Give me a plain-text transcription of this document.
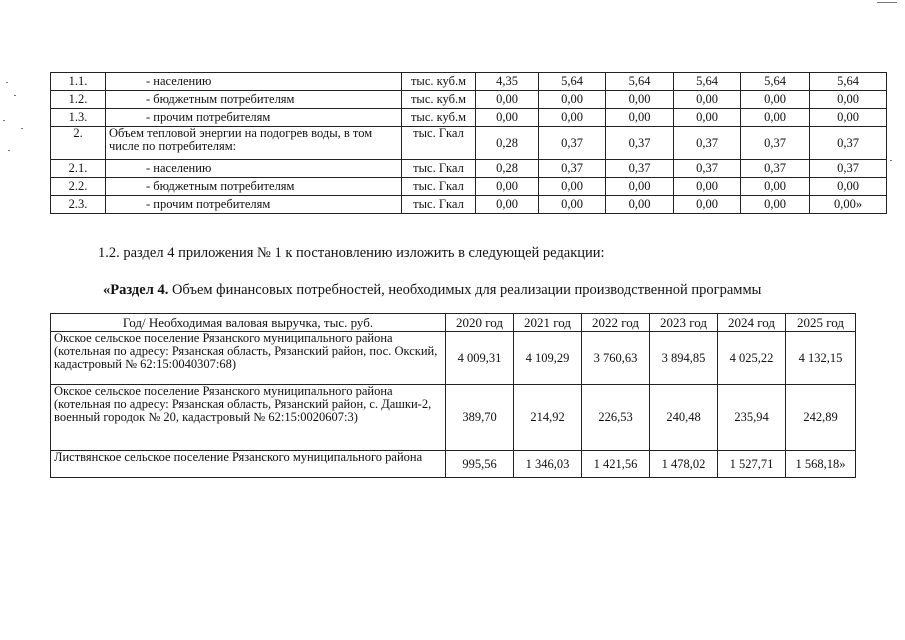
1.1.	- населению	тыс. куб.м	4,35	5,64	5,64	5,64	5,64	5,64
1.2.	- бюджетным потребителям	тыс. куб.м	0,00	0,00	0,00	0,00	0,00	0,00
1.3.	- прочим потребителям	тыс. куб.м	0,00	0,00	0,00	0,00	0,00	0,00
2.	Объем тепловой энергии на подогрев воды, в том числе по потребителям:	тыс. Гкал	0,28	0,37	0,37	0,37	0,37	0,37
2.1.	- населению	тыс. Гкал	0,28	0,37	0,37	0,37	0,37	0,37
2.2.	- бюджетным потребителям	тыс. Гкал	0,00	0,00	0,00	0,00	0,00	0,00
2.3.	- прочим потребителям	тыс. Гкал	0,00	0,00	0,00	0,00	0,00	0,00»
1.2. раздел 4 приложения № 1 к постановлению изложить в следующей редакции:
«Раздел 4. Объем финансовых потребностей, необходимых для реализации производственной программы
Год/ Необходимая валовая выручка, тыс. руб.	2020 год	2021 год	2022 год	2023 год	2024 год	2025 год
Окское сельское поселение Рязанского муниципального района (котельная по адресу: Рязанская область, Рязанский район, пос. Окский, кадастровый № 62:15:0040307:68)	4 009,31	4 109,29	3 760,63	3 894,85	4 025,22	4 132,15
Окское сельское поселение Рязанского муниципального района (котельная по адресу: Рязанская область, Рязанский район, с. Дашки-2, военный городок № 20, кадастровый № 62:15:0020607:3)	389,70	214,92	226,53	240,48	235,94	242,89
Листвянское сельское поселение Рязанского муниципального района	995,56	1 346,03	1 421,56	1 478,02	1 527,71	1 568,18»
